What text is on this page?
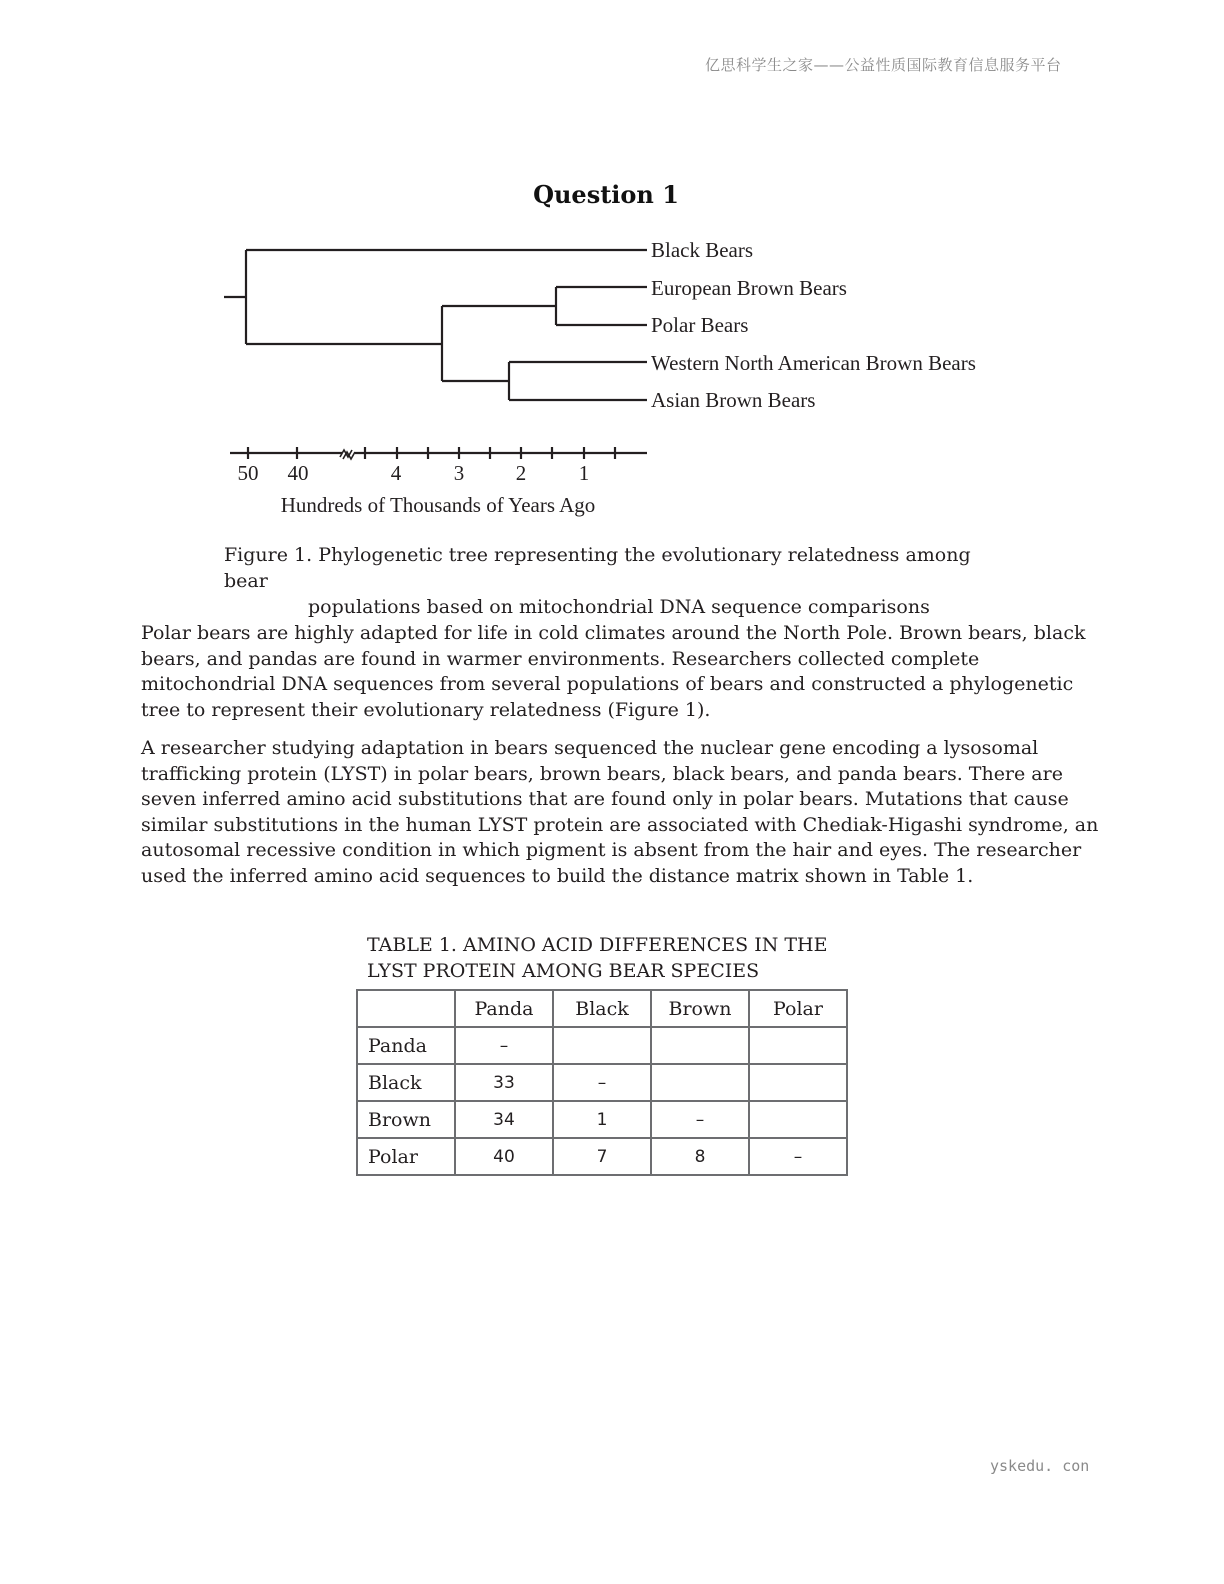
亿思科学生之家——公益性质国际教育信息服务平台
Question 1
Black Bears
European Brown Bears
Polar Bears
Western North American Brown Bears
Asian Brown Bears
50 40	4	3 2	1
Hundreds of Thousands of Years Ago
Figure 1. Phylogenetic tree representing the evolutionary relatedness among bear
populations based on mitochondrial DNA sequence comparisons

Polar bears are highly adapted for life in cold climates around the North Pole. Brown bears, black bears, and pandas are found in warmer environments. Researchers collected complete mitochondrial DNA sequences from several populations of bears and constructed a phylogenetic tree to represent their evolutionary relatedness (Figure 1).

A researcher studying adaptation in bears sequenced the nuclear gene encoding a lysosomal trafficking protein (LYST) in polar bears, brown bears, black bears, and panda bears. There are seven inferred amino acid substitutions that are found only in polar bears. Mutations that cause similar substitutions in the human LYST protein are associated with Chediak-Higashi syndrome, an autosomal recessive condition in which pigment is absent from the hair and eyes. The researcher used the inferred amino acid sequences to build the distance matrix shown in Table 1.

TABLE 1. AMINO ACID DIFFERENCES IN THE
LYST PROTEIN AMONG BEAR SPECIES
	Panda	Black	Brown	Polar
Panda	–			
Black	33	–		
Brown	34	1	–	
Polar	40	7	8	–
yskedu. con
